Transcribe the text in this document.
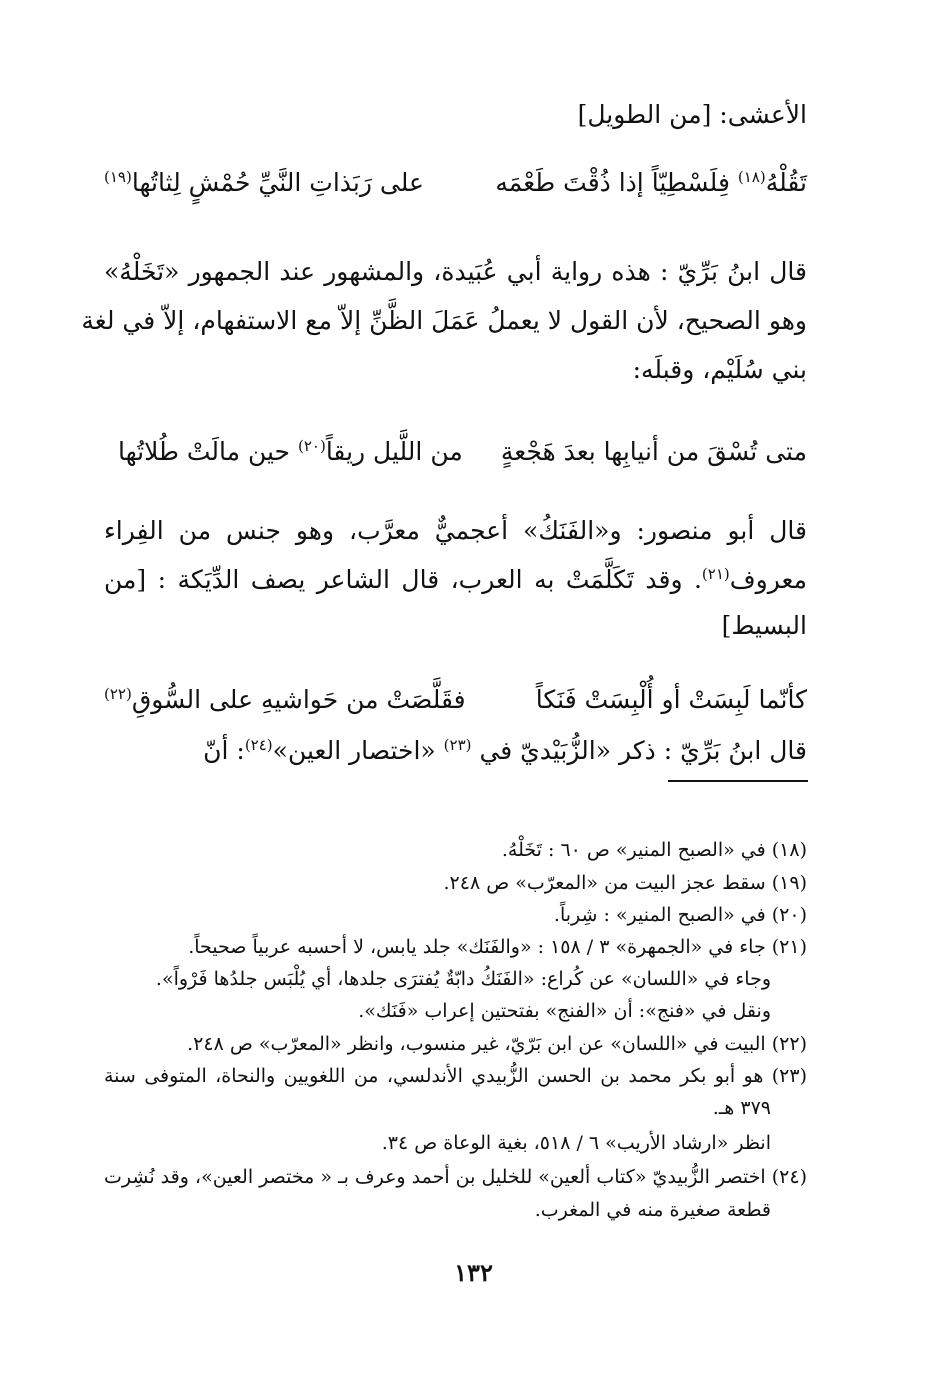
الأعشى: [من الطويل]
تَقُلْهُ$^{(١٨)}$ فِلَسْطِيّاً إذا ذُقْتَ طَعْمَه
على رَبَذاتِ النَّيِّ حُمْشٍ لِثاتُها$^{(١٩)}$
قال ابنُ بَرِّيّ : هذه رواية أبي عُبَيدة، والمشهور عند الجمهور «تَخَلْهُ»
وهو الصحيح، لأن القول لا يعملُ عَمَلَ الظَّنِّ إلاّ مع الاستفهام، إلاّ في لغة
بني سُلَيْم، وقبلَه:
متى تُسْقَ من أنيابِها بعدَ هَجْعةٍ
من اللَّيل ريقاً$^{(٢٠)}$ حين مالَتْ طُلاتُها
قال أبو منصور: و«الفَنَكُ» أعجميٌّ معرَّب، وهو جنس من الفِراء
معروف$^{(٢١)}$. وقد تَكَلَّمَتْ به العرب، قال الشاعر يصف الدِّيَكة : [من
البسيط]
كأنّما لَبِسَتْ أو أُلْبِسَتْ فَنَكاً
فقَلَّصَتْ من حَواشيهِ على السُّوقِ$^{(٢٢)}$
قال ابنُ بَرِّيّ : ذكر «الزُّبَيْديّ في $^{(٢٣)}$ «اختصار العين»$^{(٢٤)}$: أنّ
(١٨) في «الصبح المنير» ص ٦٠ : تَخَلْهُ.
(١٩) سقط عجز البيت من «المعرّب» ص ٢٤٨.
(٢٠) في «الصبح المنير» : شِرباً.
(٢١) جاء في «الجمهرة» ٣ / ١٥٨ : «والفَنَك» جلد يابس، لا أحسبه عربياً صحيحاً.
وجاء في «اللسان» عن كُراع: «الفَنَكُ دابّةٌ يُفترَى جلدها، أي يُلْبَس جلدُها فَرْواً».
ونقل في «فنج»: أن «الفنج» بفتحتين إعراب «فَنَك».
(٢٢) البيت في «اللسان» عن ابن بَرّيّ، غير منسوب، وانظر «المعرّب» ص ٢٤٨.
(٢٣) هو أبو بكر محمد بن الحسن الزُّبيدي الأندلسي، من اللغويين والنحاة، المتوفى سنة
٣٧٩ هـ.
انظر «ارشاد الأريب» ٦ / ٥١٨، بغية الوعاة ص ٣٤.
(٢٤) اختصر الزُّبيديّ «كتاب ألعين» للخليل بن أحمد وعرف بـ « مختصر العين»، وقد نُشِرت
قطعة صغيرة منه في المغرب.
١٣٢
